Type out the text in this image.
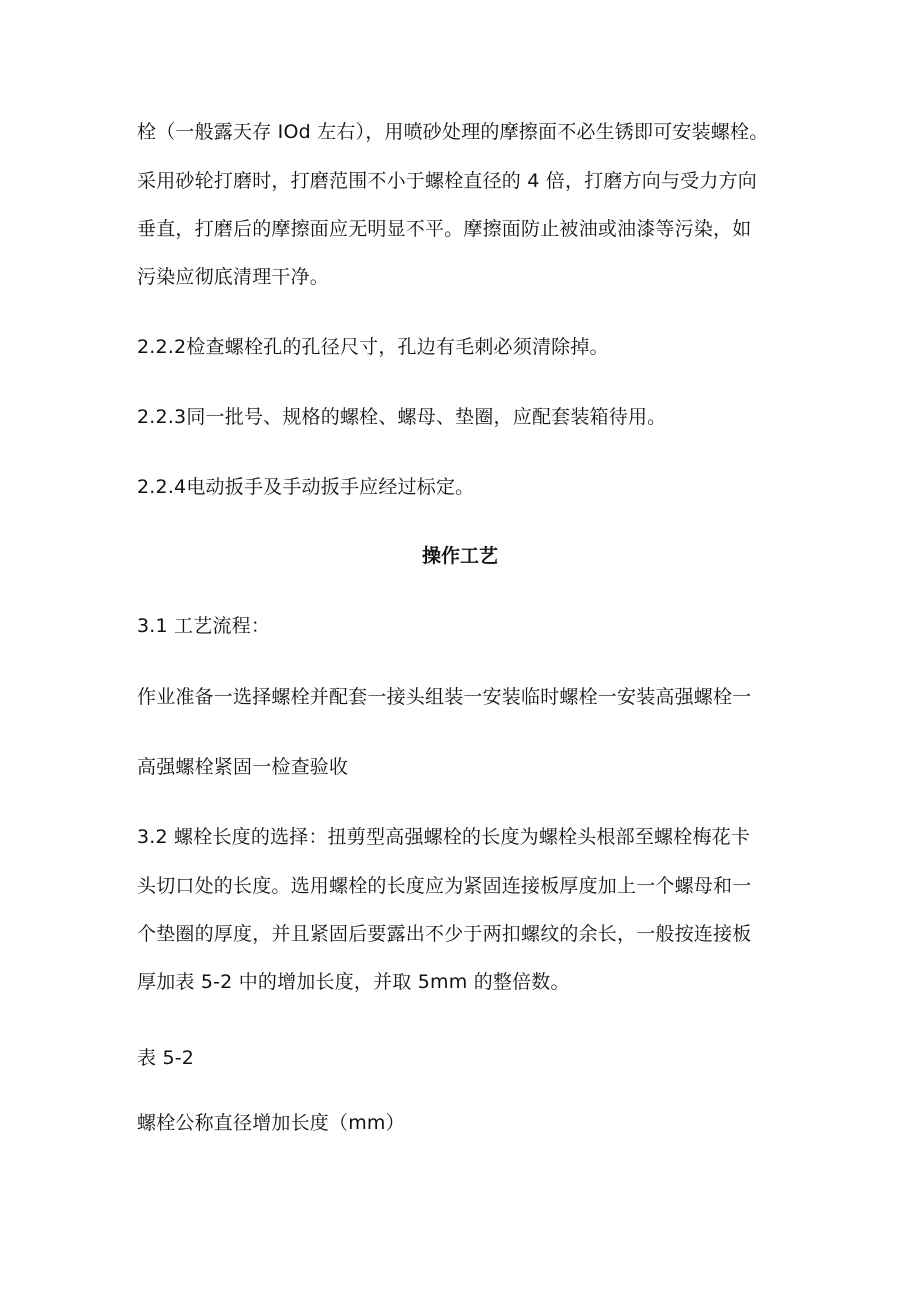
栓（一般露天存 IOd 左右），用喷砂处理的摩擦面不必生锈即可安装螺栓。
采用砂轮打磨时，打磨范围不小于螺栓直径的 4 倍，打磨方向与受力方向
垂直，打磨后的摩擦面应无明显不平。摩擦面防止被油或油漆等污染，如
污染应彻底清理干净。
2.2.2检查螺栓孔的孔径尺寸，孔边有毛刺必须清除掉。
2.2.3同一批号、规格的螺栓、螺母、垫圈，应配套装箱待用。
2.2.4电动扳手及手动扳手应经过标定。
操作工艺
3.1 工艺流程：
作业准备一选择螺栓并配套一接头组装一安装临时螺栓一安装高强螺栓一
高强螺栓紧固一检查验收
3.2 螺栓长度的选择：扭剪型高强螺栓的长度为螺栓头根部至螺栓梅花卡
头切口处的长度。选用螺栓的长度应为紧固连接板厚度加上一个螺母和一
个垫圈的厚度，并且紧固后要露出不少于两扣螺纹的余长，一般按连接板
厚加表 5-2 中的增加长度，并取 5mm 的整倍数。
表 5-2
螺栓公称直径增加长度（mm）
